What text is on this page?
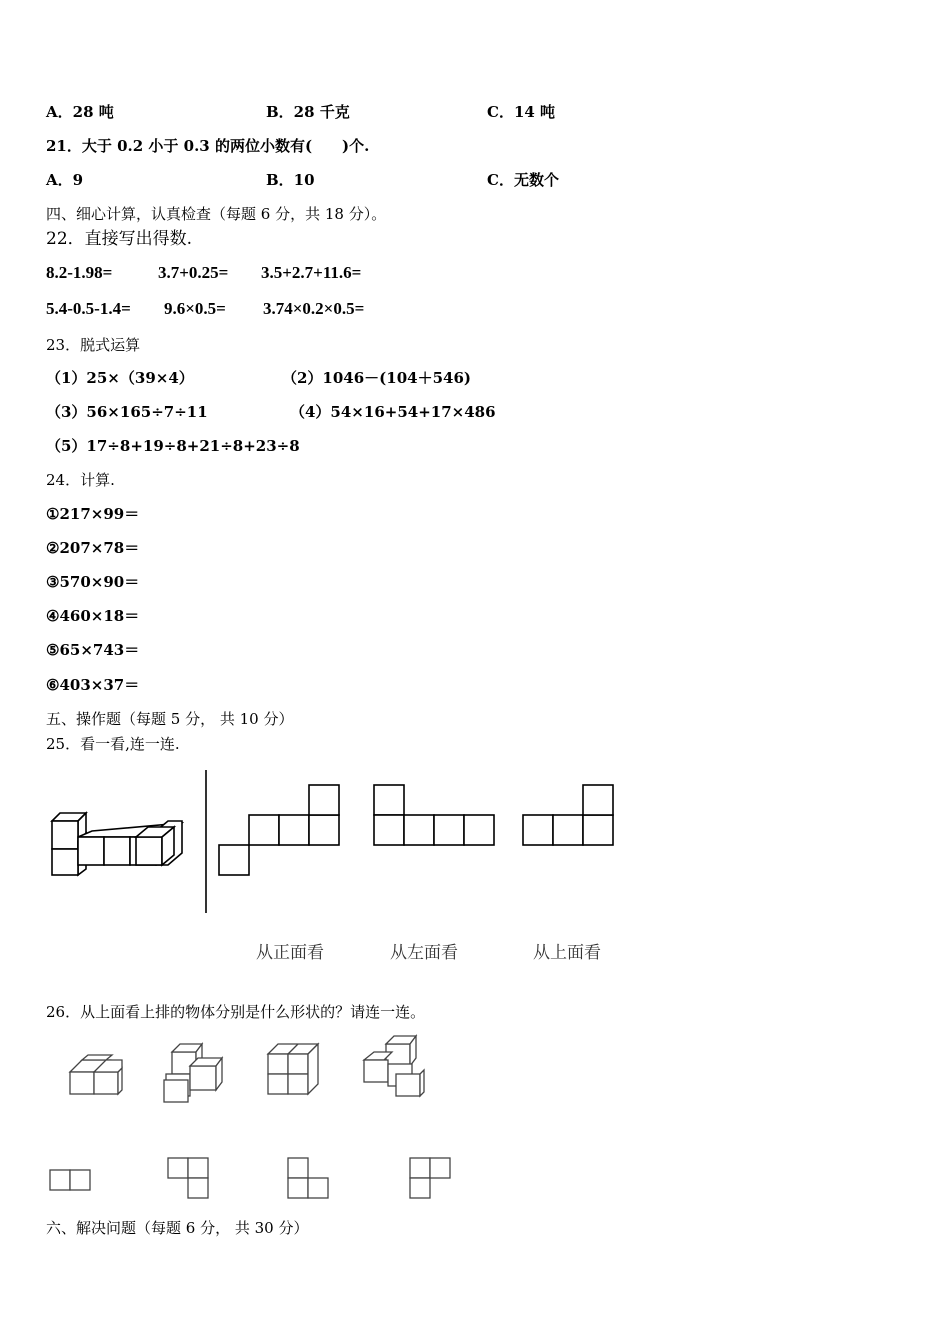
A．28 吨	B．28 千克	C．14 吨
21．大于 0.2 小于 0.3 的两位小数有(　　)个.
A．9	B．10	C．无数个
四、细心计算，认真检查（每题 6 分，共 18 分）。
22．直接写出得数.
8.2-1.98=	3.7+0.25= 3.5+2.7+11.6=
5.4-0.5-1.4= 9.6×0.5= 3.74×0.2×0.5=
23．脱式运算
（1）25×（39×4）	（2）1046－(104＋546)
（3）56×165÷7÷11	（4）54×16+54+17×486
（5）17÷8+19÷8+21÷8+23÷8
24．计算.
①217×99＝
②207×78＝
③570×90＝
④460×18＝
⑤65×743＝
⑥403×37＝
五、操作题（每题 5 分， 共 10 分）
25．看一看,连一连.
从正面看	从左面看	从上面看
26．从上面看上排的物体分别是什么形状的？请连一连。
六、解决问题（每题 6 分， 共 30 分）
